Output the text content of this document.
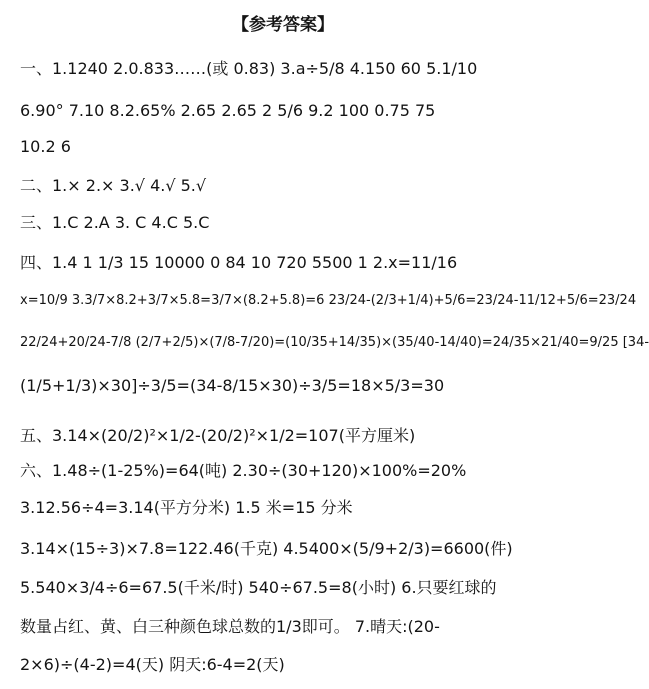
【参考答案】
一、1.1240 2.0.833……(或 0.83) 3.a÷5/8 4.150 60 5.1/10
6.90° 7.10 8.2.65% 2.65 2.65 2 5/6 9.2 100 0.75 75
10.2 6
二、1.× 2.× 3.√ 4.√ 5.√
三、1.C 2.A 3. C 4.C 5.C
四、1.4 1 1/3 15 10000 0 84 10 720 5500 1 2.x=11/16
x=10/9 3.3/7×8.2+3/7×5.8=3/7×(8.2+5.8)=6 23/24-(2/3+1/4)+5/6=23/24-11/12+5/6=23/24
22/24+20/24-7/8 (2/7+2/5)×(7/8-7/20)=(10/35+14/35)×(35/40-14/40)=24/35×21/40=9/25 [34-
(1/5+1/3)×30]÷3/5=(34-8/15×30)÷3/5=18×5/3=30
五、3.14×(20/2)²×1/2-(20/2)²×1/2=107(平方厘米)
六、1.48÷(1-25%)=64(吨) 2.30÷(30+120)×100%=20%
3.12.56÷4=3.14(平方分米) 1.5 米=15 分米
3.14×(15÷3)×7.8=122.46(千克) 4.5400×(5/9+2/3)=6600(件)
5.540×3/4÷6=67.5(千米/时) 540÷67.5=8(小时) 6.只要红球的
数量占红、黄、白三种颜色球总数的1/3即可。 7.晴天:(20-
2×6)÷(4-2)=4(天) 阴天:6-4=2(天)
